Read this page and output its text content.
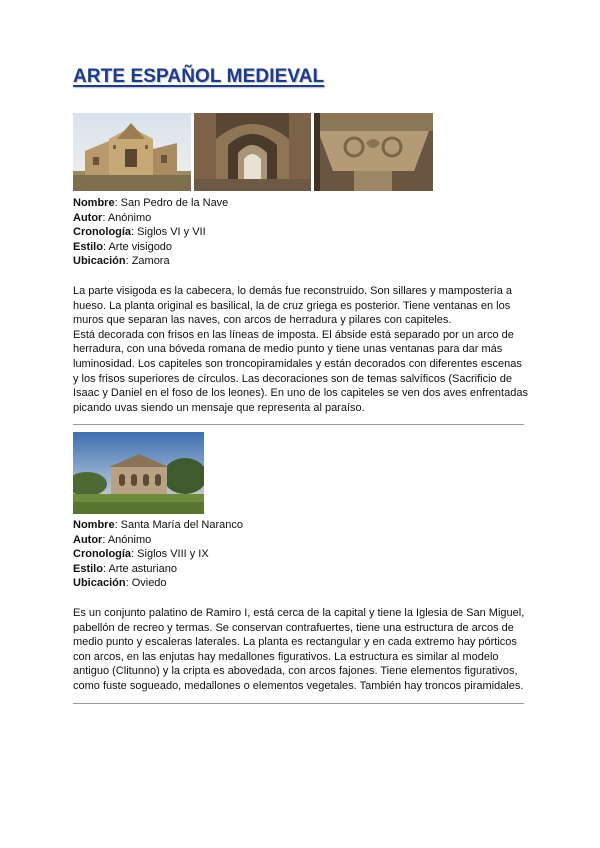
ARTE ESPAÑOL MEDIEVAL
Nombre: San Pedro de la Nave
Autor: Anónimo
Cronología: Siglos VI y VII
Estilo: Arte visigodo
Ubicación: Zamora

La parte visigoda es la cabecera, lo demás fue reconstruido. Son sillares y mampostería a hueso. La planta original es basilical, la de cruz griega es posterior. Tiene ventanas en los muros que separan las naves, con arcos de herradura y pilares con capiteles.

Está decorada con frisos en las líneas de imposta. El ábside está separado por un arco de herradura, con una bóveda romana de medio punto y tiene unas ventanas para dar más luminosidad. Los capiteles son troncopiramidales y están decorados con diferentes escenas y los frisos superiores de círculos. Las decoraciones son de temas salvíficos (Sacrificio de Isaac y Daniel en el foso de los leones). En uno de los capiteles se ven dos aves enfrentadas picando uvas siendo un mensaje que representa al paraíso.

Nombre: Santa María del Naranco
Autor: Anónimo
Cronología: Siglos VIII y IX
Estilo: Arte asturiano
Ubicación: Oviedo

Es un conjunto palatino de Ramiro I, está cerca de la capital y tiene la Iglesia de San Miguel, pabellón de recreo y termas. Se conservan contrafuertes, tiene una estructura de arcos de medio punto y escaleras laterales. La planta es rectangular y en cada extremo hay pórticos con arcos, en las enjutas hay medallones figurativos. La estructura es similar al modelo antiguo (Clitunno) y la cripta es abovedada, con arcos fajones. Tiene elementos figurativos, como fuste sogueado, medallones o elementos vegetales. También hay troncos piramidales.
